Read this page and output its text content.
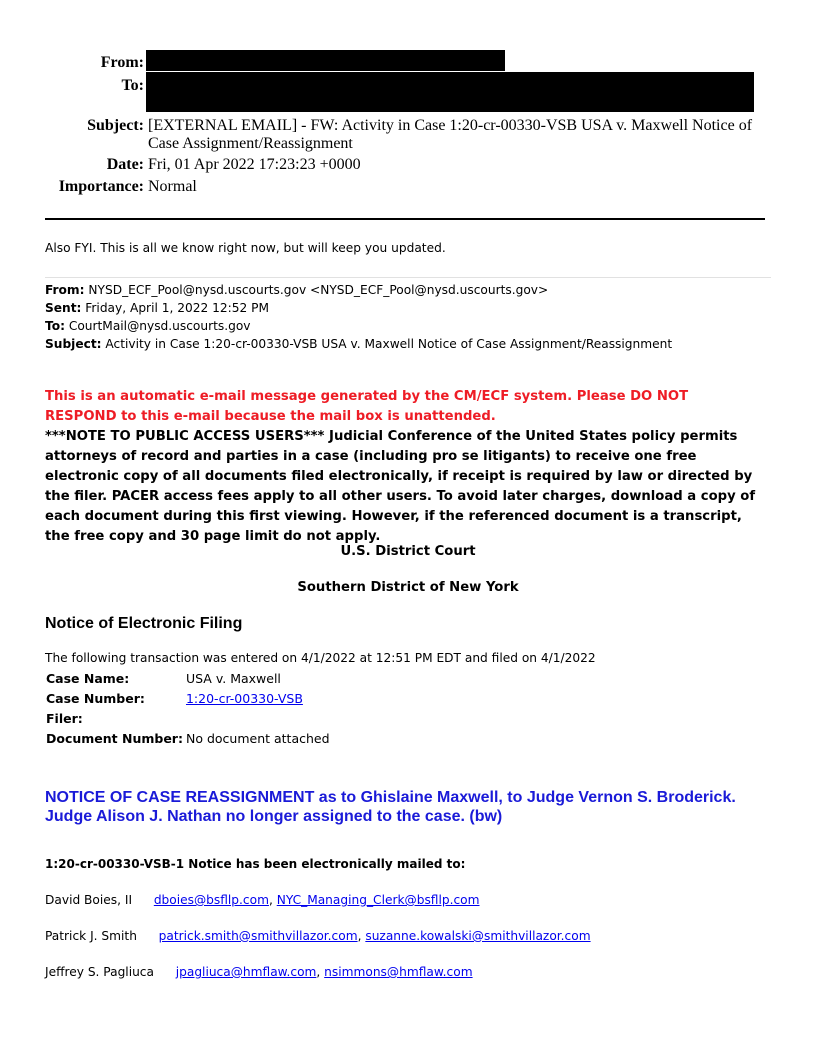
From:
To:
Subject: [EXTERNAL EMAIL] - FW: Activity in Case 1:20-cr-00330-VSB USA v. Maxwell Notice of Case Assignment/Reassignment
Date: Fri, 01 Apr 2022 17:23:23 +0000
Importance: Normal
Also FYI. This is all we know right now, but will keep you updated.
From: NYSD_ECF_Pool@nysd.uscourts.gov <NYSD_ECF_Pool@nysd.uscourts.gov>
Sent: Friday, April 1, 2022 12:52 PM
To: CourtMail@nysd.uscourts.gov
Subject: Activity in Case 1:20-cr-00330-VSB USA v. Maxwell Notice of Case Assignment/Reassignment
This is an automatic e-mail message generated by the CM/ECF system. Please DO NOT RESPOND to this e-mail because the mail box is unattended.
***NOTE TO PUBLIC ACCESS USERS*** Judicial Conference of the United States policy permits attorneys of record and parties in a case (including pro se litigants) to receive one free electronic copy of all documents filed electronically, if receipt is required by law or directed by the filer. PACER access fees apply to all other users. To avoid later charges, download a copy of each document during this first viewing. However, if the referenced document is a transcript, the free copy and 30 page limit do not apply.
U.S. District Court
Southern District of New York
Notice of Electronic Filing
The following transaction was entered on 4/1/2022 at 12:51 PM EDT and filed on 4/1/2022
Case Name:	USA v. Maxwell
Case Number:	1:20-cr-00330-VSB
Filer:	
Document Number:	No document attached
NOTICE OF CASE REASSIGNMENT as to Ghislaine Maxwell, to Judge Vernon S. Broderick. Judge Alison J. Nathan no longer assigned to the case. (bw)
1:20-cr-00330-VSB-1 Notice has been electronically mailed to:
David Boies, II dboies@bsfllp.com, NYC_Managing_Clerk@bsfllp.com
Patrick J. Smith patrick.smith@smithvillazor.com, suzanne.kowalski@smithvillazor.com
Jeffrey S. Pagliuca jpagliuca@hmflaw.com, nsimmons@hmflaw.com
